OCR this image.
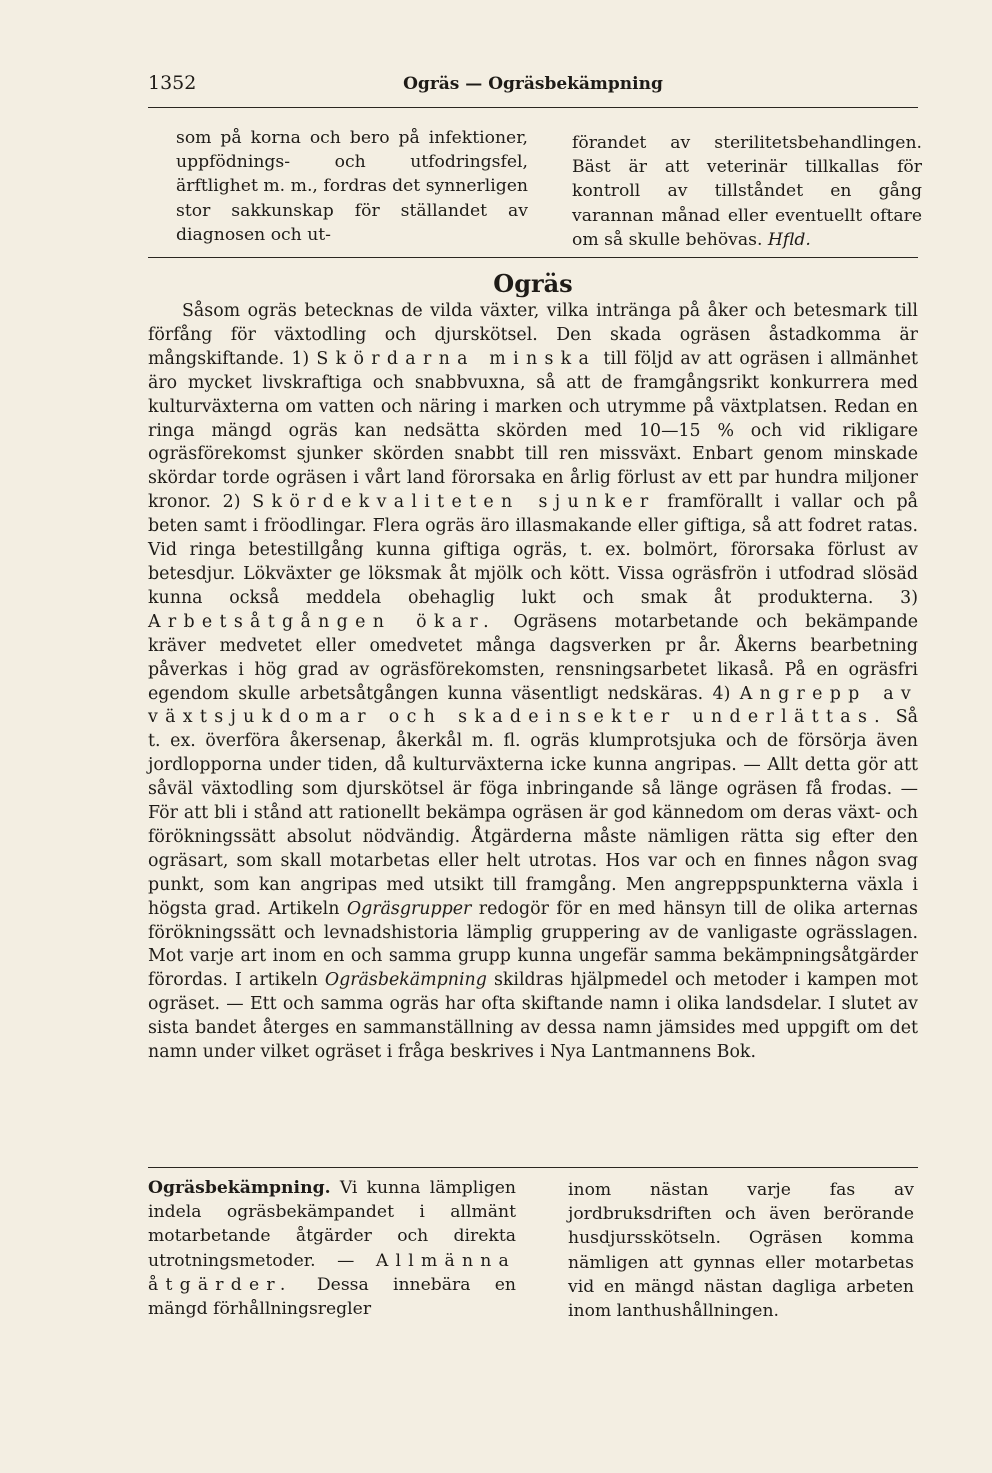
1352	Ogräs — Ogräsbekämpning

som på korna och bero på infektioner, uppfödnings- och utfodringsfel, ärftlighet m. m., fordras det synnerligen stor sakkunskap för ställandet av diagnosen och ut-

förandet av sterilitetsbehandlingen. Bäst är att veterinär tillkallas för kontroll av tillståndet en gång varannan månad eller eventuellt oftare om så skulle behövas. Hfld.

Ogräs

Såsom ogräs betecknas de vilda växter, vilka intränga på åker och betesmark till förfång för växtodling och djurskötsel. Den skada ogräsen åstadkomma är mångskiftande. 1) Skördarna minska till följd av att ogräsen i allmänhet äro mycket livskraftiga och snabbvuxna, så att de framgångsrikt konkurrera med kulturväxterna om vatten och näring i marken och utrymme på växtplatsen. Redan en ringa mängd ogräs kan nedsätta skörden med 10—15 % och vid rikligare ogräsförekomst sjunker skörden snabbt till ren missväxt. Enbart genom minskade skördar torde ogräsen i vårt land förorsaka en årlig förlust av ett par hundra miljoner kronor. 2) Skördekvaliteten sjunker framförallt i vallar och på beten samt i fröodlingar. Flera ogräs äro illasmakande eller giftiga, så att fodret ratas. Vid ringa betestillgång kunna giftiga ogräs, t. ex. bolmört, förorsaka förlust av betesdjur. Lökväxter ge löksmak åt mjölk och kött. Vissa ogräsfrön i utfodrad slösäd kunna också meddela obehaglig lukt och smak åt produkterna. 3) Arbetsåtgången ökar. Ogräsens motarbetande och bekämpande kräver medvetet eller omedvetet många dagsverken pr år. Åkerns bearbetning påverkas i hög grad av ogräsförekomsten, rensningsarbetet likaså. På en ogräsfri egendom skulle arbetsåtgången kunna väsentligt nedskäras. 4) Angrepp av växtsjukdomar och skadeinsekter underlättas. Så t. ex. överföra åkersenap, åkerkål m. fl. ogräs klumprotsjuka och de försörja även jordlopporna under tiden, då kulturväxterna icke kunna angripas. — Allt detta gör att såväl växtodling som djurskötsel är föga inbringande så länge ogräsen få frodas. — För att bli i stånd att rationellt bekämpa ogräsen är god kännedom om deras växt- och förökningssätt absolut nödvändig. Åtgärderna måste nämligen rätta sig efter den ogräsart, som skall motarbetas eller helt utrotas. Hos var och en finnes någon svag punkt, som kan angripas med utsikt till framgång. Men angreppspunkterna växla i högsta grad. Artikeln Ogräsgrupper redogör för en med hänsyn till de olika arternas förökningssätt och levnadshistoria lämplig gruppering av de vanligaste ogrässlagen. Mot varje art inom en och samma grupp kunna ungefär samma bekämpningsåtgärder förordas. I artikeln Ogräsbekämpning skildras hjälpmedel och metoder i kampen mot ogräset. — Ett och samma ogräs har ofta skiftande namn i olika landsdelar. I slutet av sista bandet återges en sammanställning av dessa namn jämsides med uppgift om det namn under vilket ogräset i fråga beskrives i Nya Lantmannens Bok.

Ogräsbekämpning. Vi kunna lämpligen indela ogräsbekämpandet i allmänt motarbetande åtgärder och direkta utrotningsmetoder. — Allmänna åtgärder. Dessa innebära en mängd förhållningsregler

inom nästan varje fas av jordbruksdriften och även berörande husdjursskötseln. Ogräsen komma nämligen att gynnas eller motarbetas vid en mängd nästan dagliga arbeten inom lanthushållningen.
